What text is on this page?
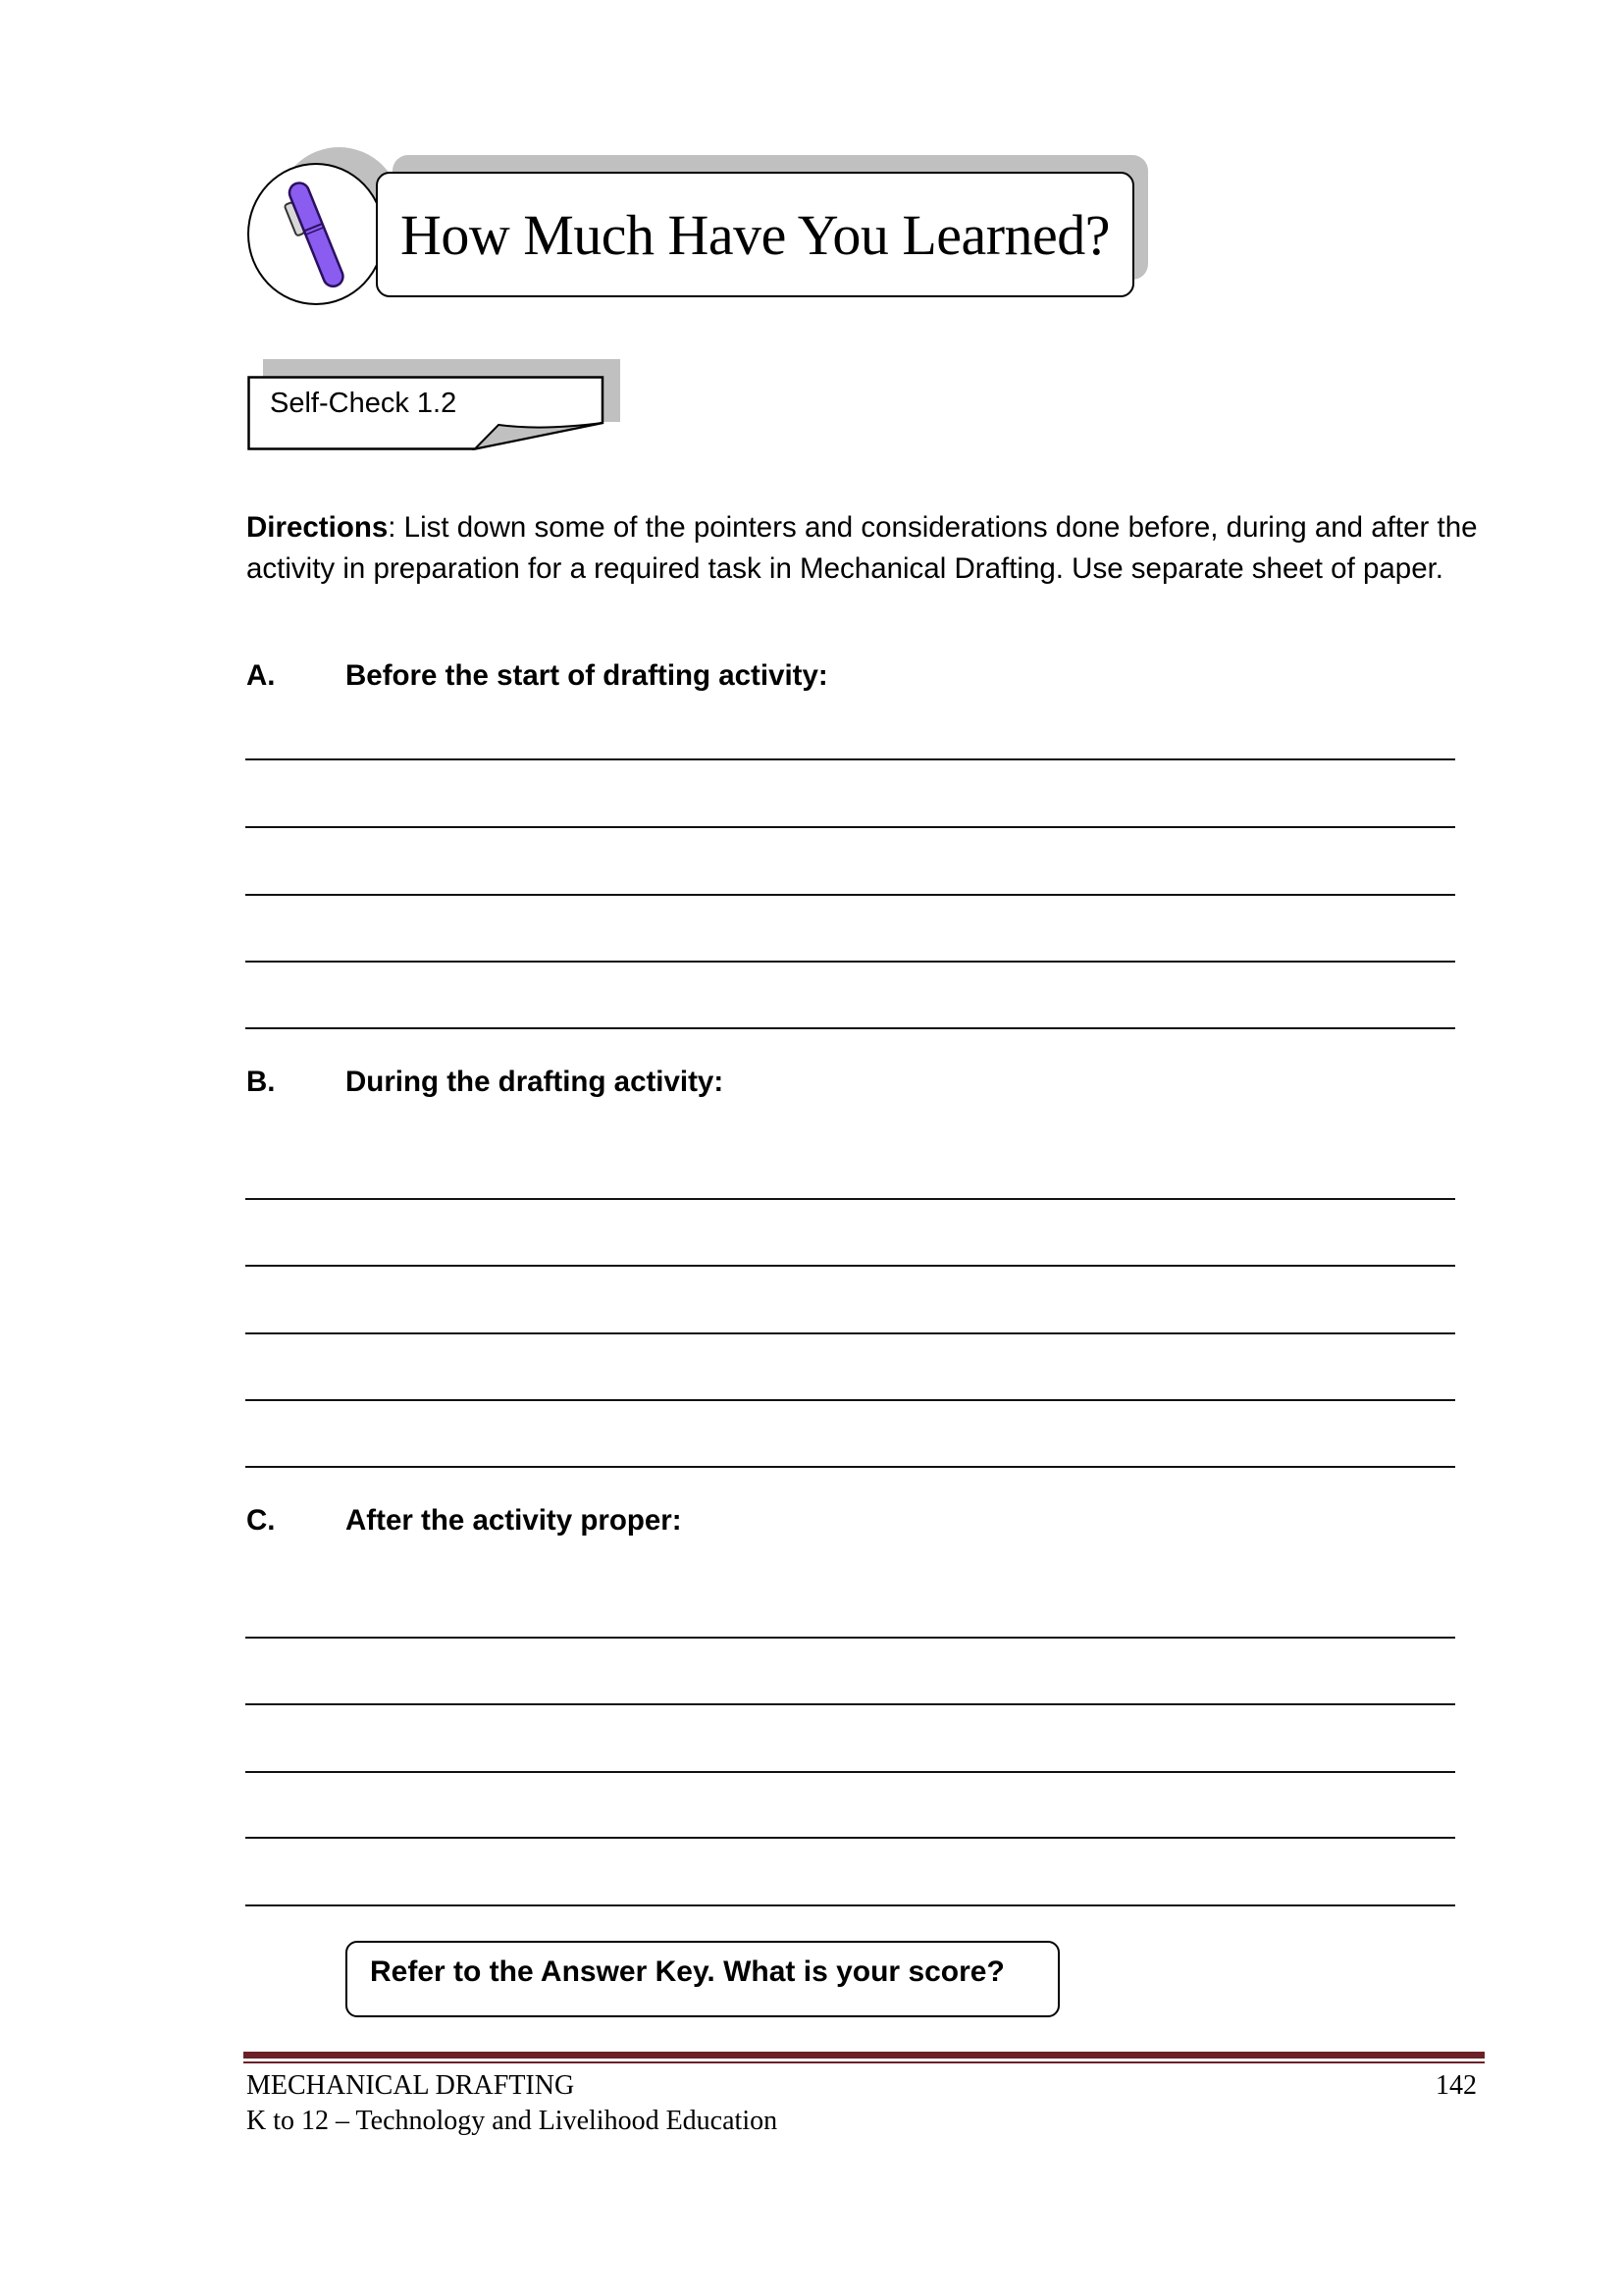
How Much Have You Learned?
Self-Check 1.2
Directions: List down some of the pointers and considerations done before, during and after the activity in preparation for a required task in Mechanical Drafting. Use separate sheet of paper.
A. Before the start of drafting activity:
B. During the drafting activity:
C. After the activity proper:
Refer to the Answer Key. What is your score?
MECHANICAL DRAFTING
K to 12 – Technology and Livelihood Education
142
